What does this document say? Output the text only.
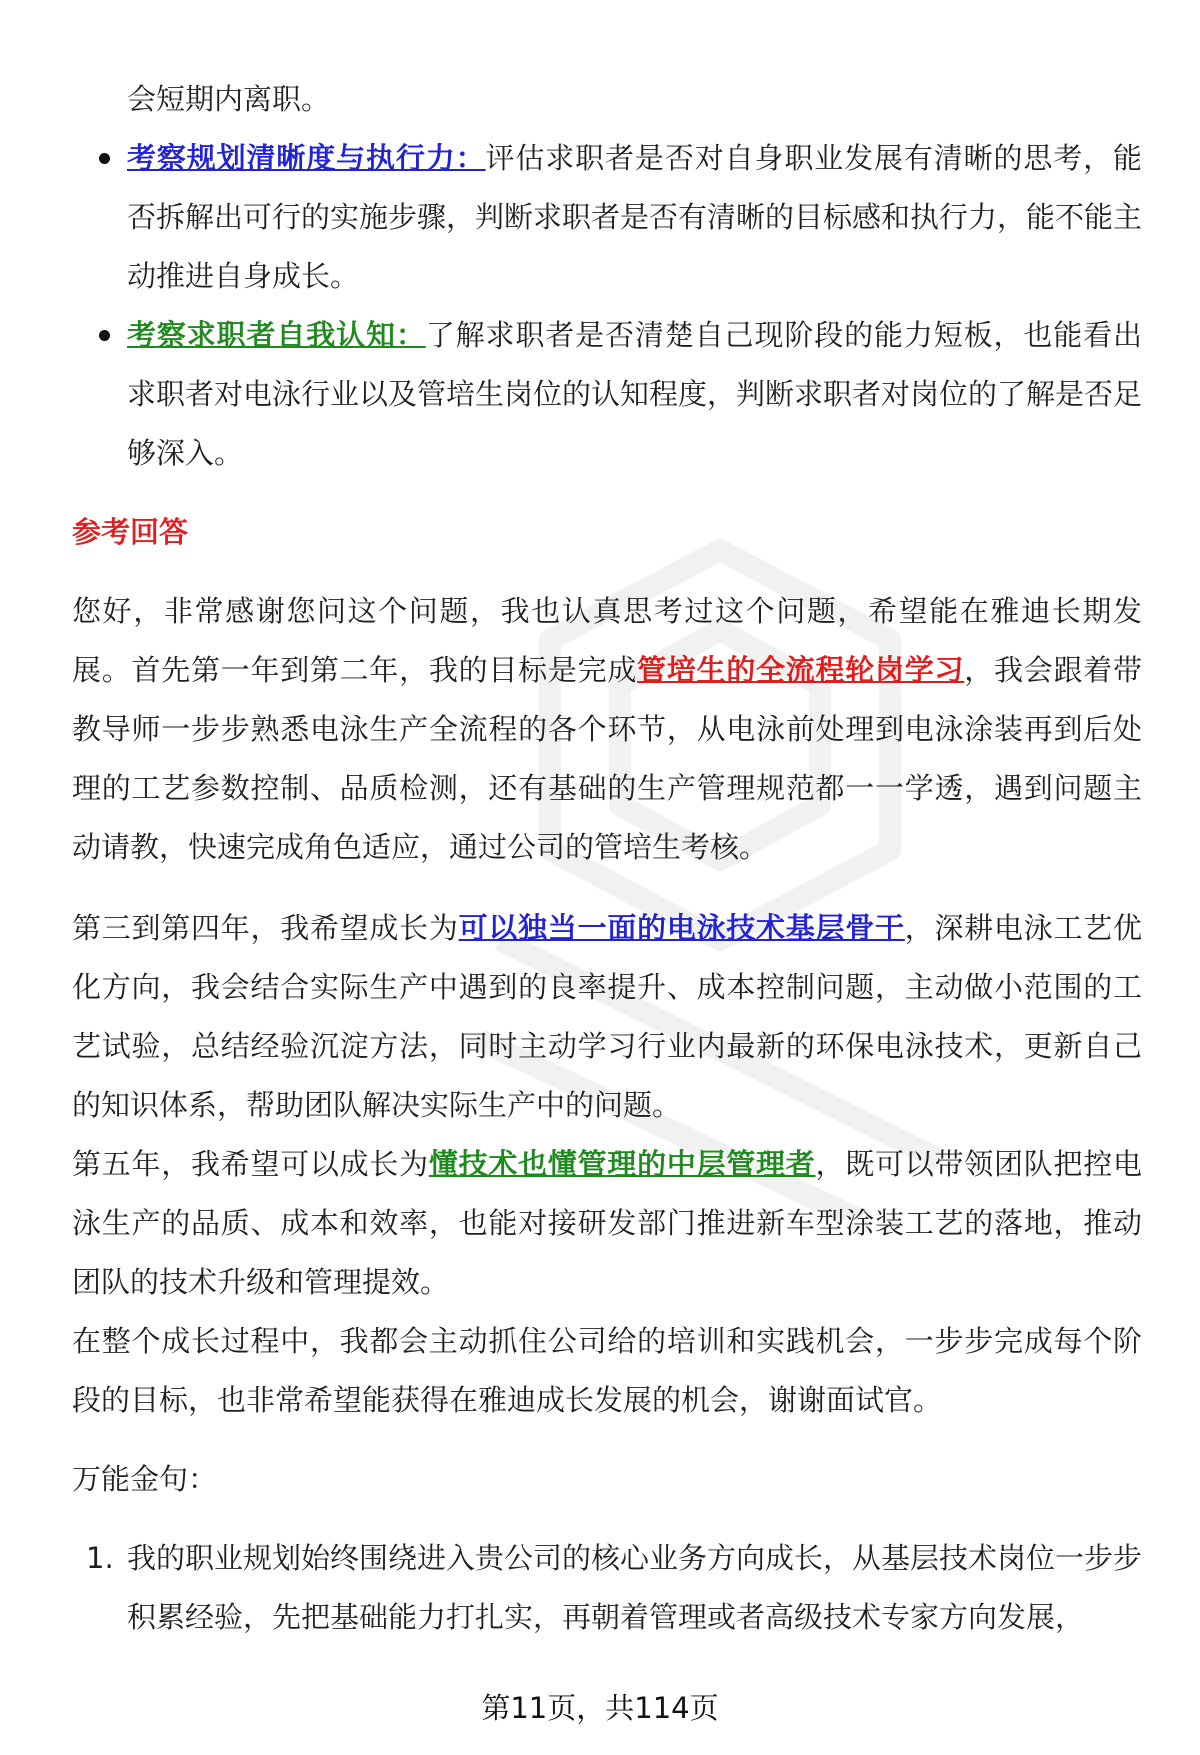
会短期内离职。

考察规划清晰度与执行力：评估求职者是否对自身职业发展有清晰的思考，能否拆解出可行的实施步骤，判断求职者是否有清晰的目标感和执行力，能不能主动推进自身成长。
考察求职者自我认知：了解求职者是否清楚自己现阶段的能力短板，也能看出求职者对电泳行业以及管培生岗位的认知程度，判断求职者对岗位的了解是否足够深入。
参考回答

您好，非常感谢您问这个问题，我也认真思考过这个问题，希望能在雅迪长期发展。首先第一年到第二年，我的目标是完成管培生的全流程轮岗学习，我会跟着带教导师一步步熟悉电泳生产全流程的各个环节，从电泳前处理到电泳涂装再到后处理的工艺参数控制、品质检测，还有基础的生产管理规范都一一学透，遇到问题主动请教，快速完成角色适应，通过公司的管培生考核。

第三到第四年，我希望成长为可以独当一面的电泳技术基层骨干，深耕电泳工艺优化方向，我会结合实际生产中遇到的良率提升、成本控制问题，主动做小范围的工艺试验，总结经验沉淀方法，同时主动学习行业内最新的环保电泳技术，更新自己的知识体系，帮助团队解决实际生产中的问题。

第五年，我希望可以成长为懂技术也懂管理的中层管理者，既可以带领团队把控电泳生产的品质、成本和效率，也能对接研发部门推进新车型涂装工艺的落地，推动团队的技术升级和管理提效。

在整个成长过程中，我都会主动抓住公司给的培训和实践机会，一步步完成每个阶段的目标，也非常希望能获得在雅迪成长发展的机会，谢谢面试官。

万能金句：

1. 我的职业规划始终围绕进入贵公司的核心业务方向成长，从基层技术岗位一步步积累经验，先把基础能力打扎实，再朝着管理或者高级技术专家方向发展，
第11页，共114页
